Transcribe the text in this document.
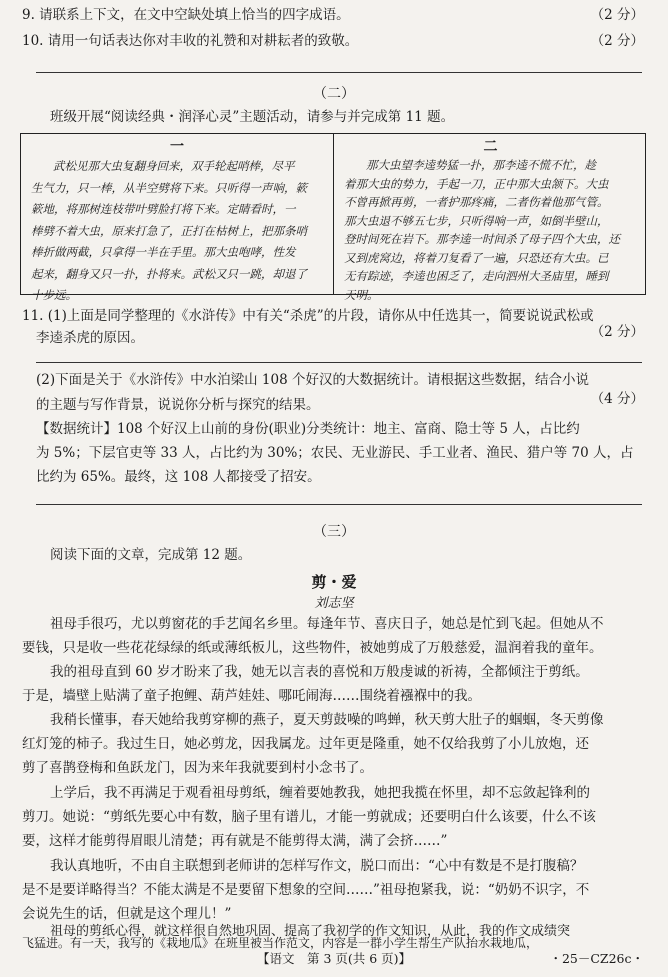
9. 请联系上下文，在文中空缺处填上恰当的四字成语。	（2 分）
10. 请用一句话表达你对丰收的礼赞和对耕耘者的致敬。	（2 分）
（二）
班级开展“阅读经典・润泽心灵”主题活动，请参与并完成第 11 题。
一
武松见那大虫复翻身回来，双手轮起哨棒，尽平
生气力，只一棒，从半空劈将下来。只听得一声响，簌
簌地，将那树连枝带叶劈脸打将下来。定睛看时，一
棒劈不着大虫，原来打急了，正打在枯树上，把那条哨
棒折做两截，只拿得一半在手里。那大虫咆哮，性发
起来，翻身又只一扑，扑将来。武松又只一跳，却退了
十步远。
二
那大虫望李逵势猛一扑，那李逵不慌不忙，趁
着那大虫的势力，手起一刀，正中那大虫颔下。大虫
不曾再掀再剪，一者护那疼痛，二者伤着他那气管。
那大虫退不够五七步，只听得响一声，如倒半壁山，
登时间死在岩下。那李逵一时间杀了母子四个大虫，还
又到虎窝边，将着刀复看了一遍，只恐还有大虫。已
无有踪迹，李逵也困乏了，走向泗州大圣庙里，睡到
天明。
11. (1)上面是同学整理的《水浒传》中有关“杀虎”的片段，请你从中任选其一，简要说说武松或
（2 分）
李逵杀虎的原因。
(2)下面是关于《水浒传》中水泊梁山 108 个好汉的大数据统计。请根据这些数据，结合小说
（4 分）
的主题与写作背景，说说你分析与探究的结果。
【数据统计】108 个好汉上山前的身份(职业)分类统计：地主、富商、隐士等 5 人，占比约
为 5%；下层官吏等 33 人，占比约为 30%；农民、无业游民、手工业者、渔民、猎户等 70 人，占
比约为 65%。最终，这 108 人都接受了招安。
（三）
阅读下面的文章，完成第 12 题。
剪・爱
刘志坚
祖母手很巧，尤以剪窗花的手艺闻名乡里。每逢年节、喜庆日子，她总是忙到飞起。但她从不
要钱，只是收一些花花绿绿的纸或薄纸板儿，这些物件，被她剪成了万般慈爱，温润着我的童年。
我的祖母直到 60 岁才盼来了我，她无以言表的喜悦和万般虔诚的祈祷，全都倾注于剪纸。
于是，墙壁上贴满了童子抱鲤、葫芦娃娃、哪吒闹海……围绕着襁褓中的我。
我稍长懂事，春天她给我剪穿柳的燕子，夏天剪鼓噪的鸣蝉，秋天剪大肚子的蝈蝈，冬天剪像
红灯笼的柿子。我过生日，她必剪龙，因我属龙。过年更是隆重，她不仅给我剪了小儿放炮，还
剪了喜鹊登梅和鱼跃龙门，因为来年我就要到村小念书了。
上学后，我不再满足于观看祖母剪纸，缠着要她教我，她把我揽在怀里，却不忘敛起锋利的
剪刀。她说：“剪纸先要心中有数，脑子里有谱儿，才能一剪就成；还要明白什么该要，什么不该
要，这样才能剪得眉眼儿清楚；再有就是不能剪得太满，满了会挤……”
我认真地听，不由自主联想到老师讲的怎样写作文，脱口而出：“心中有数是不是打腹稿？
是不是要详略得当？不能太满是不是要留下想象的空间……”祖母抱紧我，说：“奶奶不识字，不
会说先生的话，但就是这个理儿！”
祖母的剪纸心得，就这样很自然地巩固、提高了我初学的作文知识，从此，我的作文成绩突
【语文　第 3 页(共 6 页)】	・25－CZ26c・
飞猛进。有一天，我写的《栽地瓜》在班里被当作范文，内容是一群小学生帮生产队抬水栽地瓜，
